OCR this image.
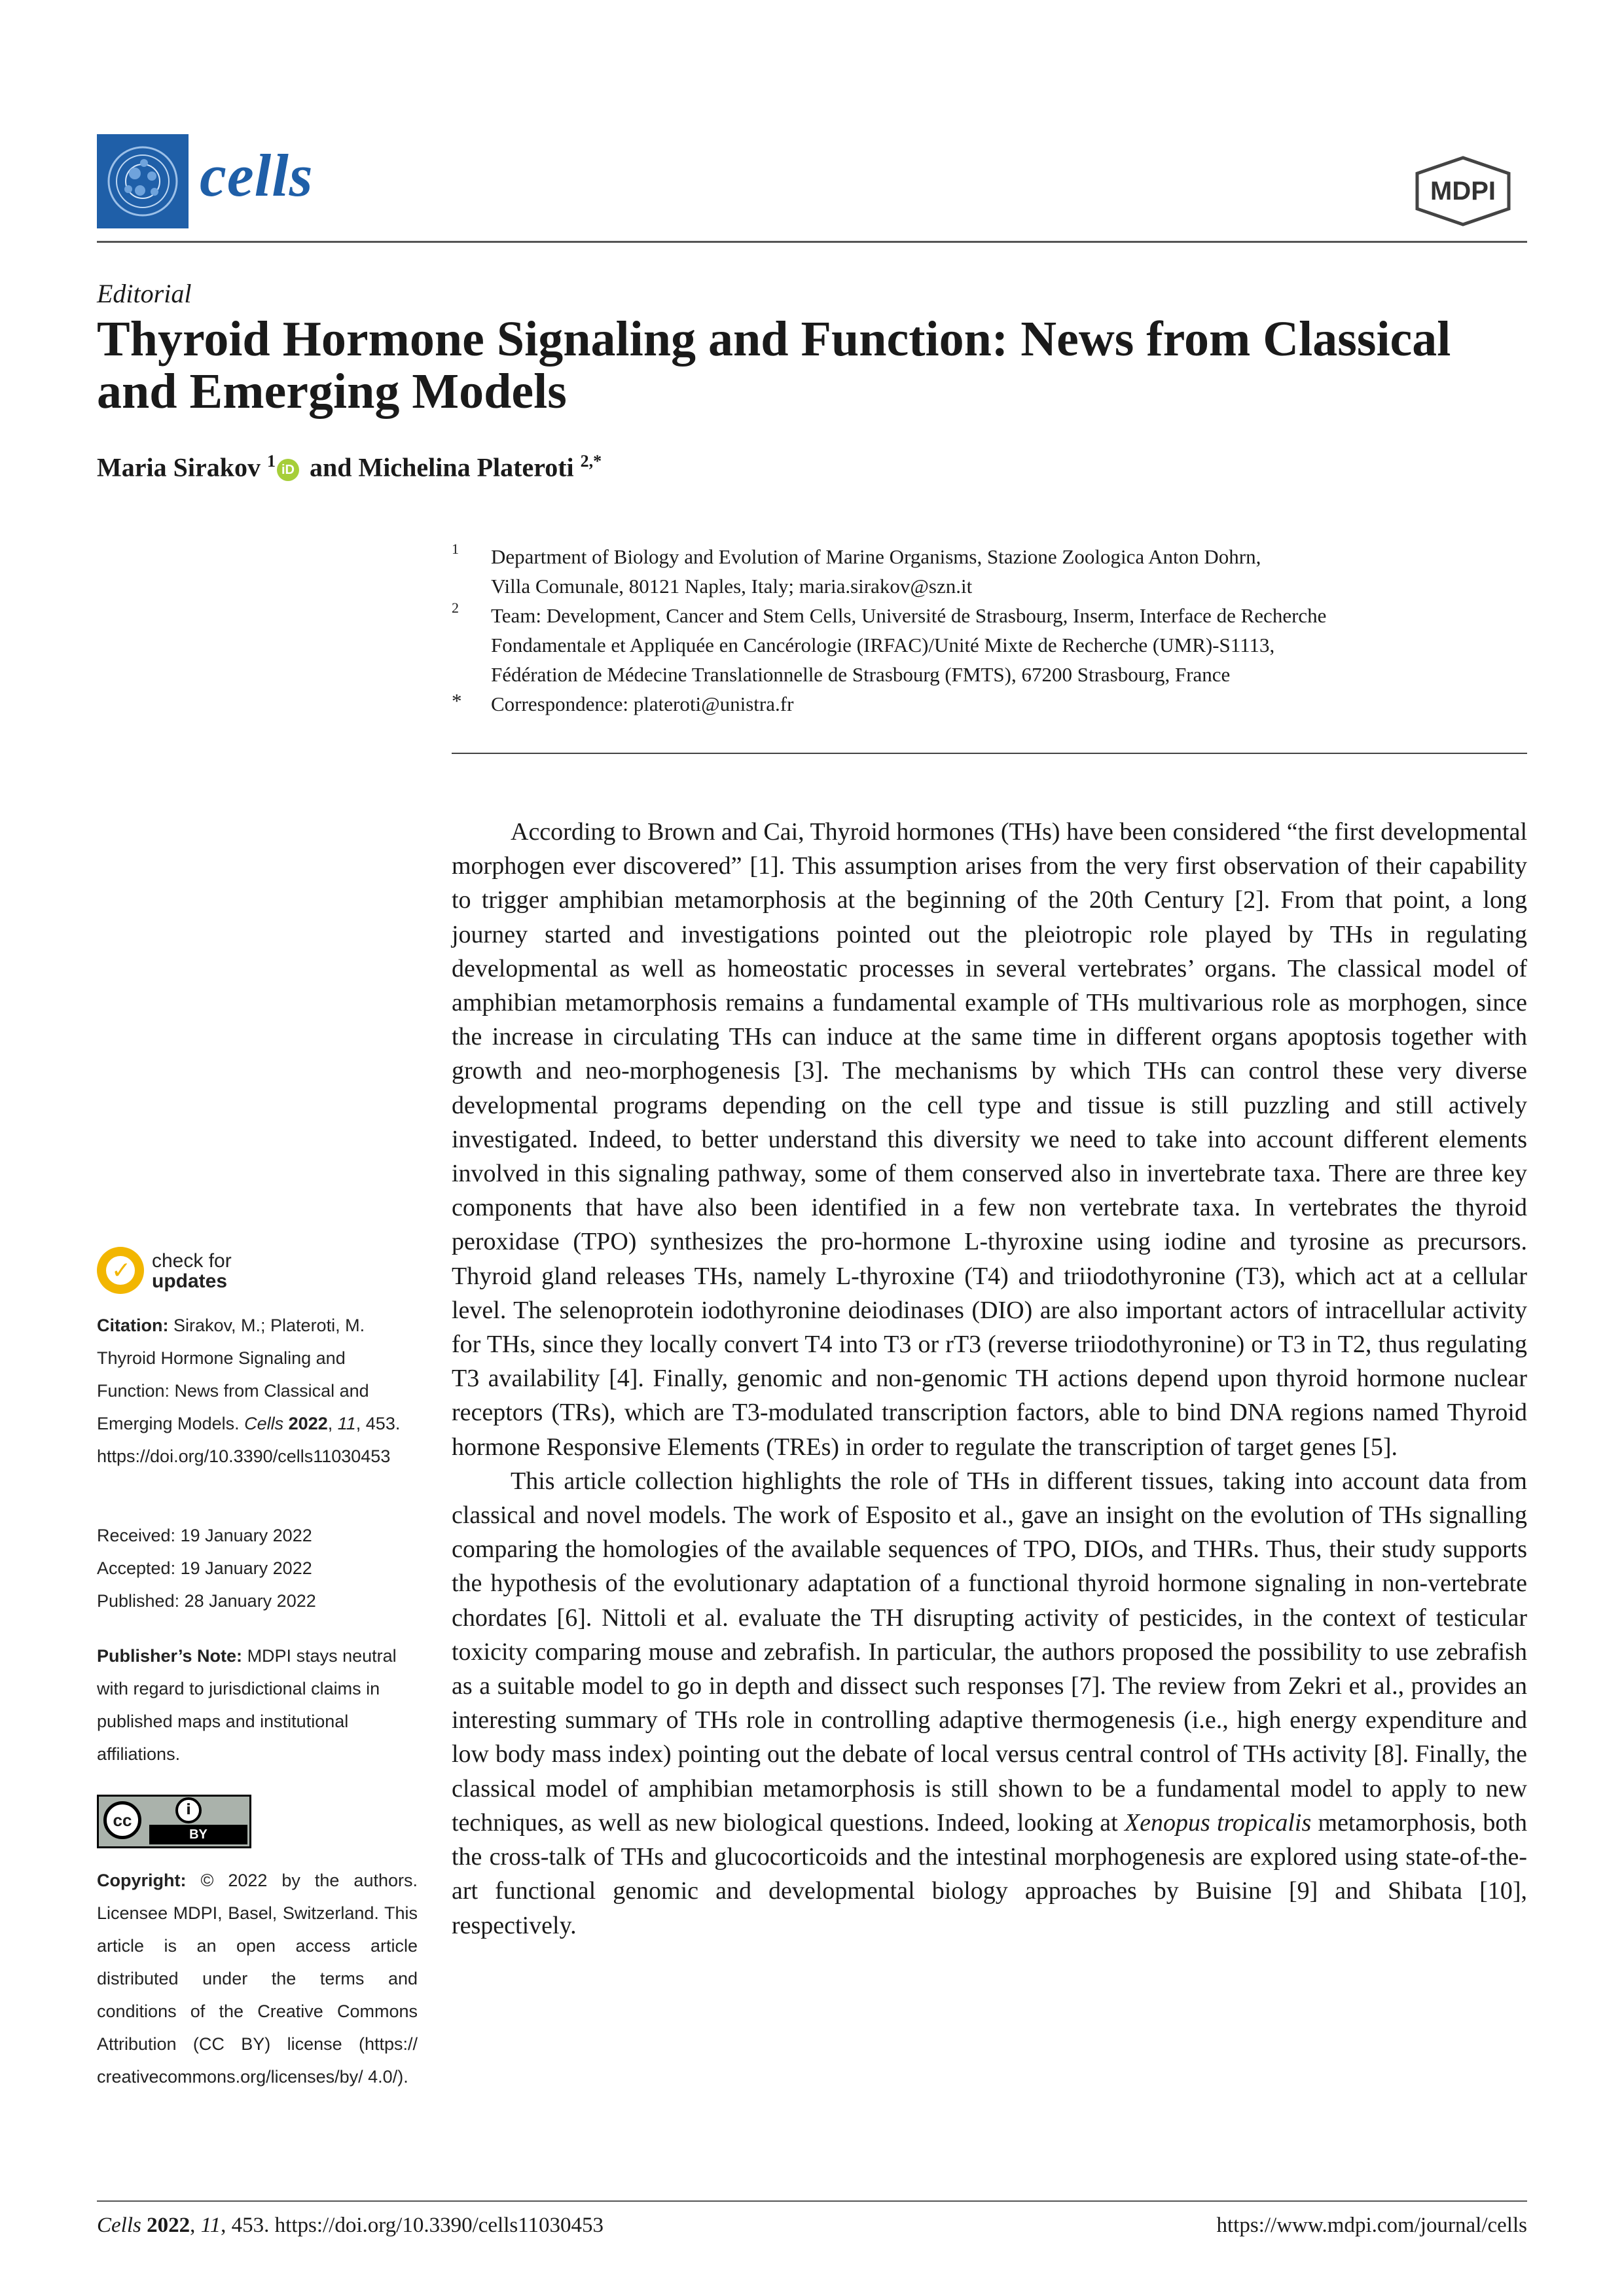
cells	MDPI
Editorial
Thyroid Hormone Signaling and Function: News from Classical and Emerging Models
Maria Sirakov $^1$ iD and Michelina Plateroti $^{2,*}$
1 Department of Biology and Evolution of Marine Organisms, Stazione Zoologica Anton Dohrn,
Villa Comunale, 80121 Naples, Italy; maria.sirakov@szn.it
2 Team: Development, Cancer and Stem Cells, Université de Strasbourg, Inserm, Interface de Recherche
Fondamentale et Appliquée en Cancérologie (IRFAC)/Unité Mixte de Recherche (UMR)-S1113,
Fédération de Médecine Translationnelle de Strasbourg (FMTS), 67200 Strasbourg, France
* Correspondence: plateroti@unistra.fr

According to Brown and Cai, Thyroid hormones (THs) have been considered “the first developmental morphogen ever discovered” [1]. This assumption arises from the very first observation of their capability to trigger amphibian metamorphosis at the beginning of the 20th Century [2]. From that point, a long journey started and investigations pointed out the pleiotropic role played by THs in regulating developmental as well as homeostatic processes in several vertebrates’ organs. The classical model of amphibian metamorphosis remains a fundamental example of THs multivarious role as morphogen, since the increase in circulating THs can induce at the same time in different organs apoptosis together with growth and neo-morphogenesis [3]. The mechanisms by which THs can control these very diverse developmental programs depending on the cell type and tissue is still puzzling and still actively investigated. Indeed, to better understand this diversity we need to take into account different elements involved in this signaling pathway, some of them conserved also in invertebrate taxa. There are three key components that have also been identified in a few non vertebrate taxa. In vertebrates the thyroid peroxidase (TPO) synthesizes the pro-hormone L-thyroxine using iodine and tyrosine as precursors. Thyroid gland releases THs, namely L-thyroxine (T4) and triiodothyronine (T3), which act at a cellular level. The selenoprotein iodothyronine deiodinases (DIO) are also important actors of intracellular activity for THs, since they locally convert T4 into T3 or rT3 (reverse triiodothyronine) or T3 in T2, thus regulating T3 availability [4]. Finally, genomic and non-genomic TH actions depend upon thyroid hormone nuclear receptors (TRs), which are T3-modulated transcription factors, able to bind DNA regions named Thyroid hormone Responsive Elements (TREs) in order to regulate the transcription of target genes [5].

This article collection highlights the role of THs in different tissues, taking into account data from classical and novel models. The work of Esposito et al., gave an insight on the evolution of THs signalling comparing the homologies of the available sequences of TPO, DIOs, and THRs. Thus, their study supports the hypothesis of the evolutionary adaptation of a functional thyroid hormone signaling in non-vertebrate chordates [6]. Nittoli et al. evaluate the TH disrupting activity of pesticides, in the context of testicular toxicity comparing mouse and zebrafish. In particular, the authors proposed the possibility to use zebrafish as a suitable model to go in depth and dissect such responses [7]. The review from Zekri et al., provides an interesting summary of THs role in controlling adaptive thermogenesis (i.e., high energy expenditure and low body mass index) pointing out the debate of local versus central control of THs activity [8]. Finally, the classical model of amphibian metamorphosis is still shown to be a fundamental model to apply to new techniques, as well as new biological questions. Indeed, looking at Xenopus tropicalis metamorphosis, both the cross-talk of THs and glucocorticoids and the intestinal morphogenesis are explored using state-of-the-art functional genomic and developmental biology approaches by Buisine [9] and Shibata [10], respectively.

✓ check for
updates
Citation: Sirakov, M.; Plateroti, M. Thyroid Hormone Signaling and Function: News from Classical and Emerging Models. Cells 2022, 11, 453. https://doi.org/10.3390/cells11030453
Received: 19 January 2022
Accepted: 19 January 2022
Published: 28 January 2022
Publisher’s Note: MDPI stays neutral with regard to jurisdictional claims in published maps and institutional affiliations.
cc
i
BY
Copyright: © 2022 by the authors. Licensee MDPI, Basel, Switzerland. This article is an open access article distributed under the terms and conditions of the Creative Commons Attribution (CC BY) license (https:// creativecommons.org/licenses/by/ 4.0/).
Cells 2022, 11, 453. https://doi.org/10.3390/cells11030453	https://www.mdpi.com/journal/cells
